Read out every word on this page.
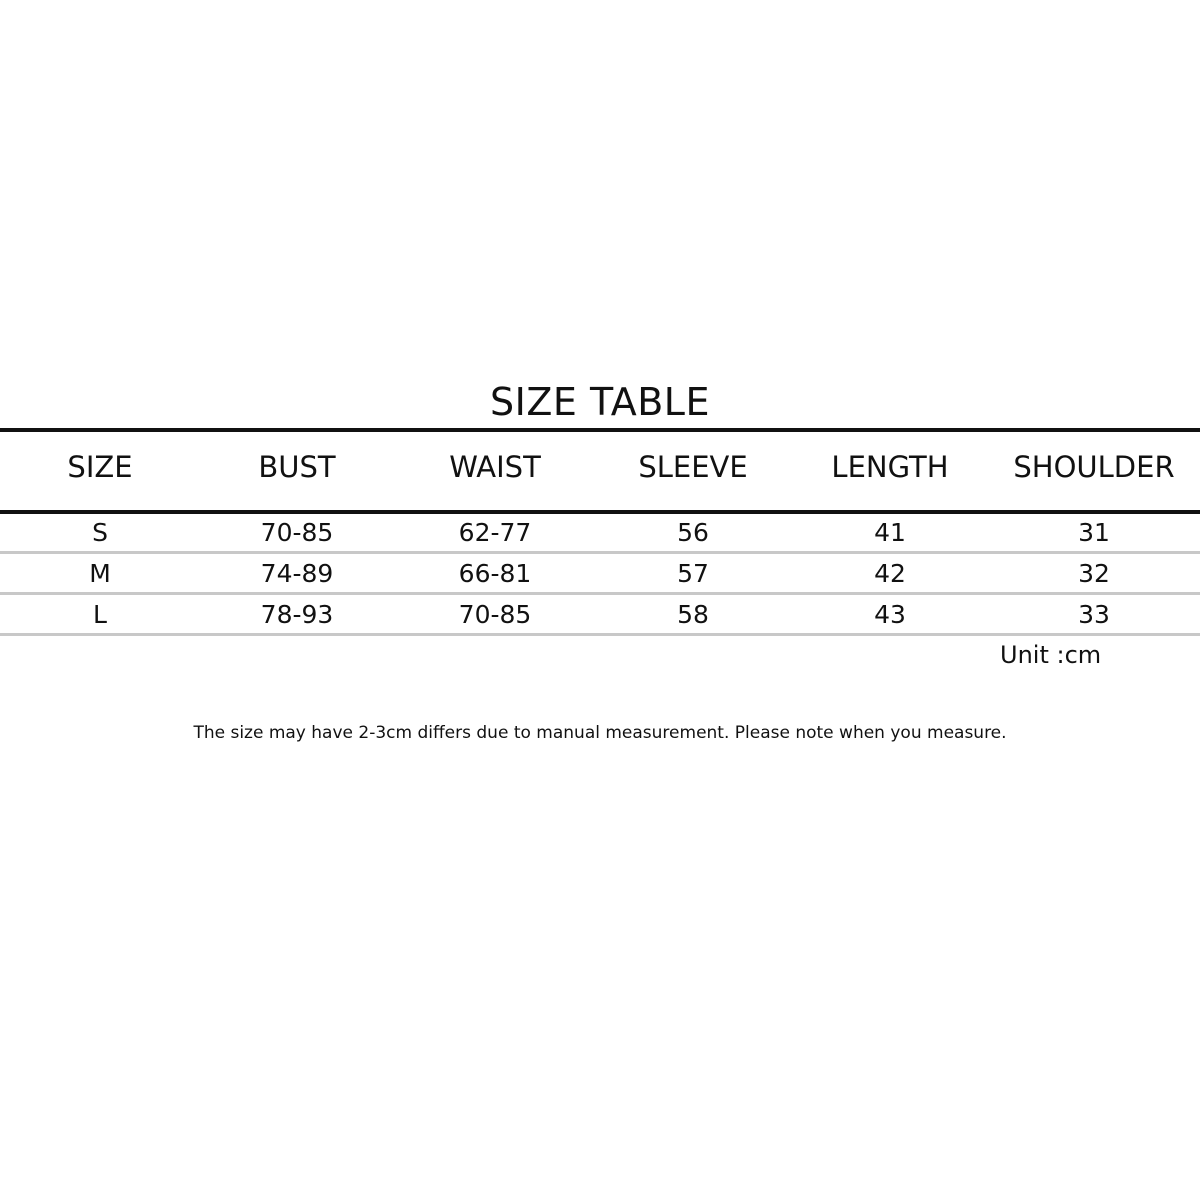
SIZE TABLE
SIZE	BUST	WAIST	SLEEVE	LENGTH	SHOULDER
S	70-85	62-77	56	41	31
M	74-89	66-81	57	42	32
L	78-93	70-85	58	43	33
Unit :cm
The size may have 2-3cm differs due to manual measurement. Please note when you measure.
